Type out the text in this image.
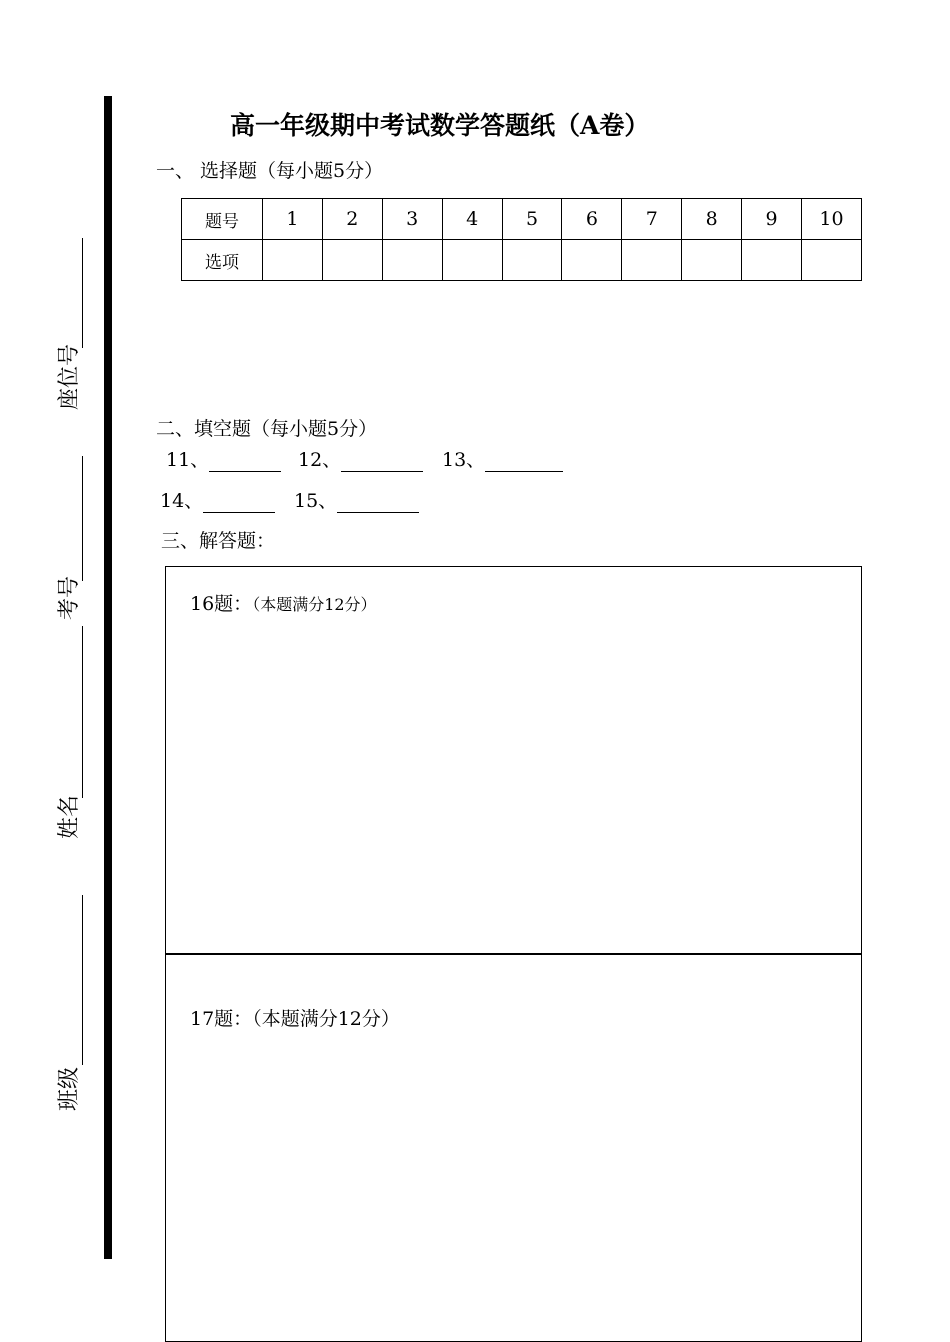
座位号
考号
姓名
班级
高一年级期中考试数学答题纸（A卷）
一、 选择题（每小题5分）
题号	1	2	3	4	5	6	7	8	9	10
选项										
二、填空题（每小题5分）
11、	12、	13、
14、	15、
三、解答题：
16题：（本题满分12分）
17题：（本题满分12分）
